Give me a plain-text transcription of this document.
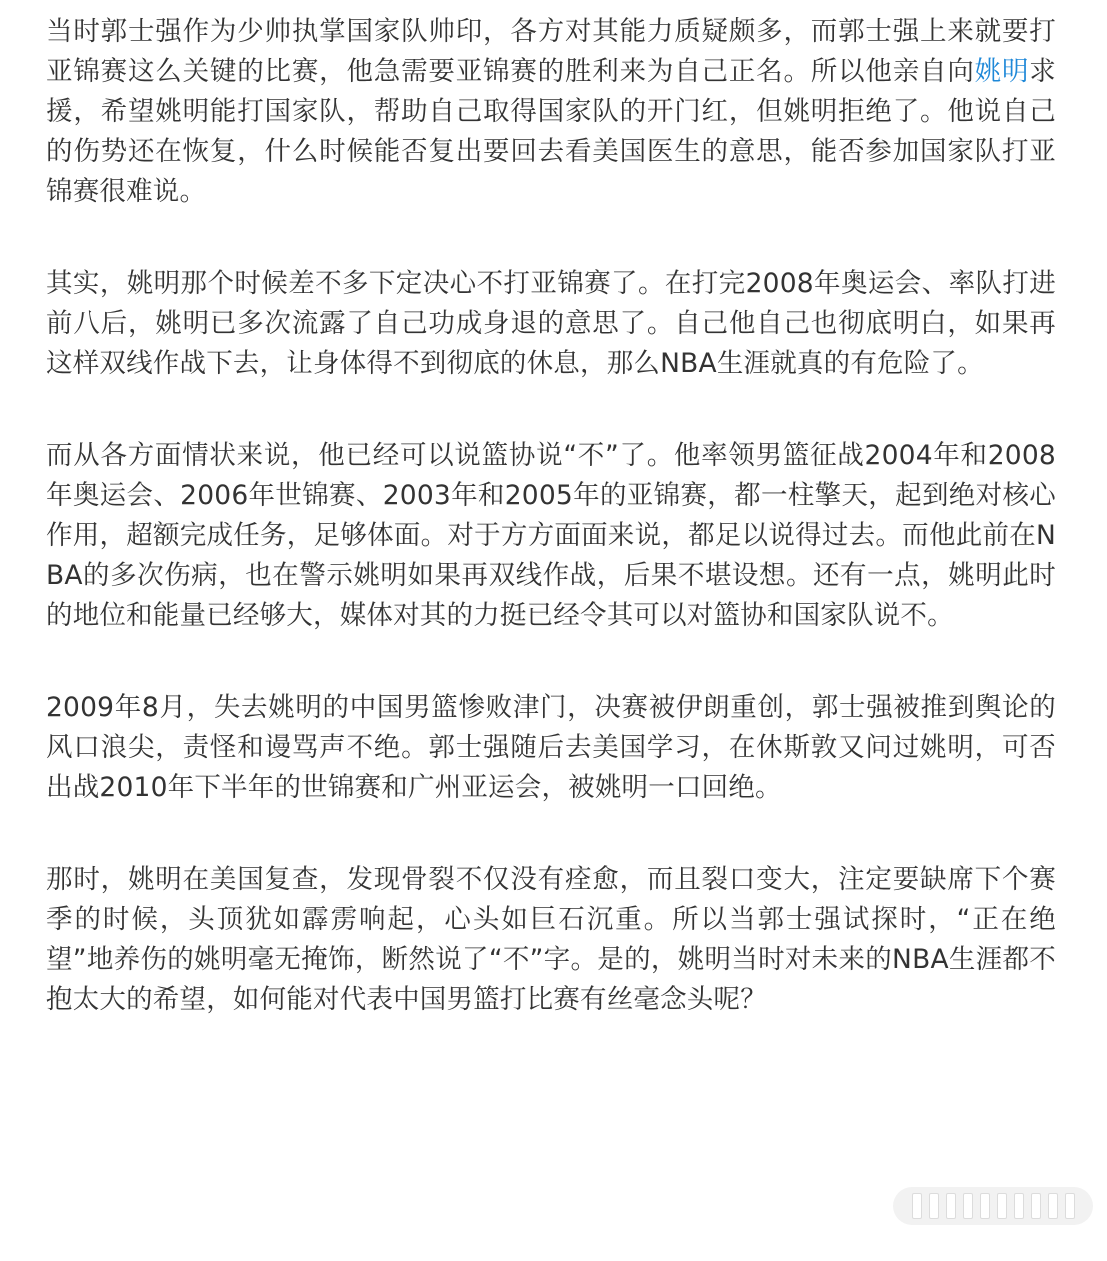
当时郭士强作为少帅执掌国家队帅印，各方对其能力质疑颇多，而郭士强上来就要打亚锦赛这么关键的比赛，他急需要亚锦赛的胜利来为自己正名。所以他亲自向姚明求援，希望姚明能打国家队，帮助自己取得国家队的开门红，但姚明拒绝了。他说自己的伤势还在恢复，什么时候能否复出要回去看美国医生的意思，能否参加国家队打亚锦赛很难说。

其实，姚明那个时候差不多下定决心不打亚锦赛了。在打完2008年奥运会、率队打进前八后，姚明已多次流露了自己功成身退的意思了。自己他自己也彻底明白，如果再这样双线作战下去，让身体得不到彻底的休息，那么NBA生涯就真的有危险了。

而从各方面情状来说，他已经可以说篮协说“不”了。他率领男篮征战2004年和2008年奥运会、2006年世锦赛、2003年和2005年的亚锦赛，都一柱擎天，起到绝对核心作用，超额完成任务，足够体面。对于方方面面来说，都足以说得过去。而他此前在NBA的多次伤病，也在警示姚明如果再双线作战，后果不堪设想。还有一点，姚明此时的地位和能量已经够大，媒体对其的力挺已经令其可以对篮协和国家队说不。

2009年8月，失去姚明的中国男篮惨败津门，决赛被伊朗重创，郭士强被推到舆论的风口浪尖，责怪和谩骂声不绝。郭士强随后去美国学习，在休斯敦又问过姚明，可否出战2010年下半年的世锦赛和广州亚运会，被姚明一口回绝。

那时，姚明在美国复查，发现骨裂不仅没有痊愈，而且裂口变大，注定要缺席下个赛季的时候，头顶犹如霹雳响起，心头如巨石沉重。所以当郭士强试探时，“正在绝望”地养伤的姚明毫无掩饰，断然说了“不”字。是的，姚明当时对未来的NBA生涯都不抱太大的希望，如何能对代表中国男篮打比赛有丝毫念头呢？
